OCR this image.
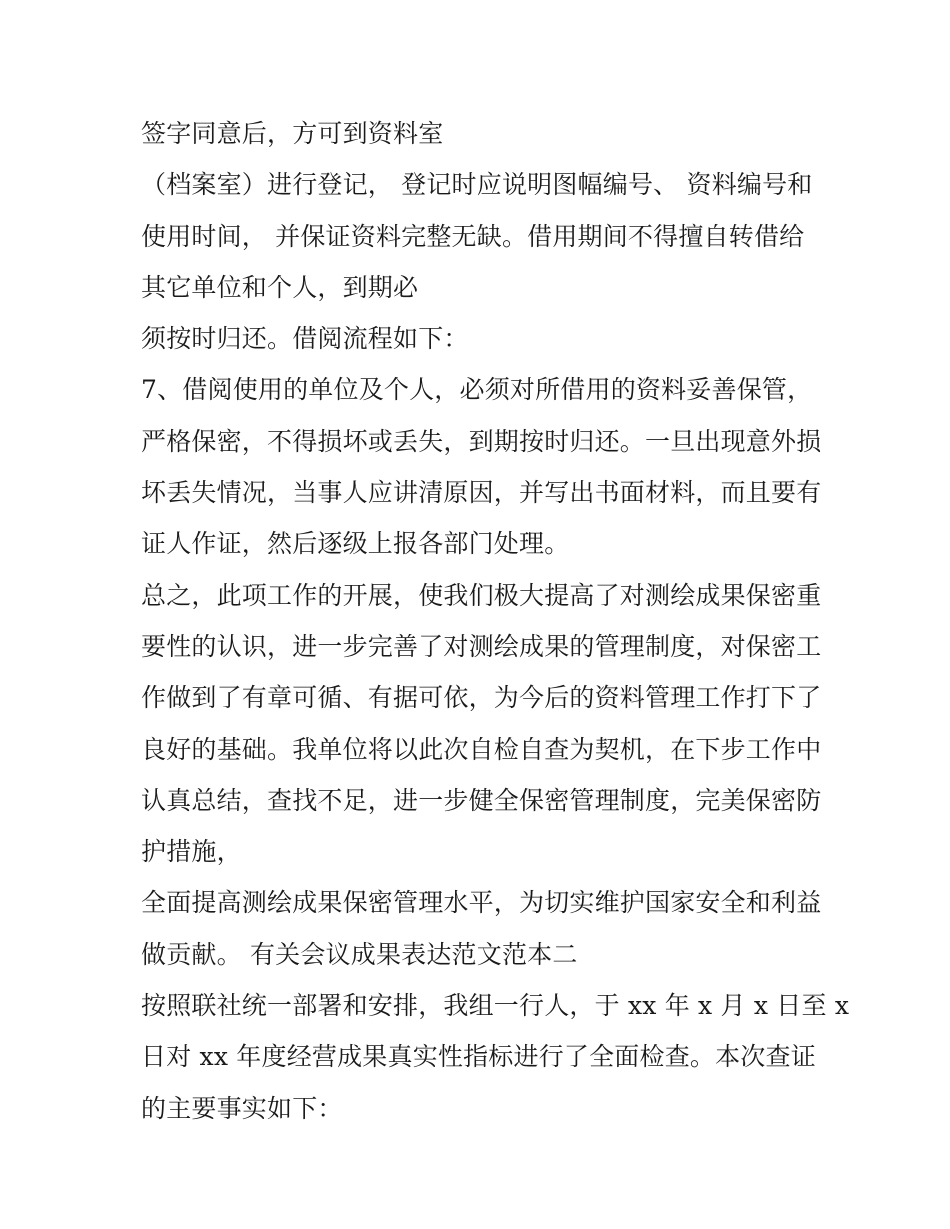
签字同意后，方可到资料室
（档案室）进行登记， 登记时应说明图幅编号、 资料编号和
使用时间， 并保证资料完整无缺。借用期间不得擅自转借给
其它单位和个人，到期必
须按时归还。借阅流程如下：
7、借阅使用的单位及个人，必须对所借用的资料妥善保管，
严格保密，不得损坏或丢失，到期按时归还。一旦出现意外损
坏丢失情况，当事人应讲清原因，并写出书面材料，而且要有
证人作证，然后逐级上报各部门处理。
总之，此项工作的开展，使我们极大提高了对测绘成果保密重
要性的认识，进一步完善了对测绘成果的管理制度，对保密工
作做到了有章可循、有据可依，为今后的资料管理工作打下了
良好的基础。我单位将以此次自检自查为契机，在下步工作中
认真总结，查找不足，进一步健全保密管理制度，完美保密防
护措施，
全面提高测绘成果保密管理水平，为切实维护国家安全和利益
做贡献。 有关会议成果表达范文范本二
按照联社统一部署和安排，我组一行人，于 xx 年 x 月 x 日至 x
日对 xx 年度经营成果真实性指标进行了全面检查。本次查证
的主要事实如下：
